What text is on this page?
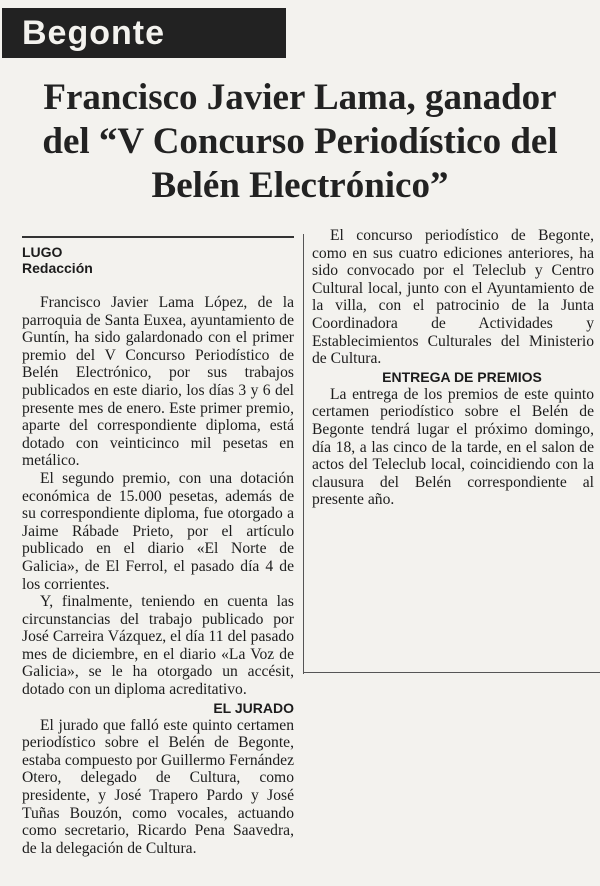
Begonte
Francisco Javier Lama, ganador
del “V Concurso Periodístico del
Belén Electrónico”
LUGO
Redacción

Francisco Javier Lama López, de la parroquia de Santa Euxea, ayuntamiento de Guntín, ha sido galardonado con el primer premio del V Concurso Periodístico de Belén Electrónico, por sus trabajos publicados en este diario, los días 3 y 6 del presente mes de enero. Este primer premio, aparte del correspondiente diploma, está dotado con veinticinco mil pesetas en metálico.

El segundo premio, con una dotación económica de 15.000 pesetas, además de su correspondiente diploma, fue otorgado a Jaime Rábade Prieto, por el artículo publicado en el diario «El Norte de Galicia», de El Ferrol, el pasado día 4 de los corrientes.

Y, finalmente, teniendo en cuenta las circunstancias del trabajo publicado por José Carreira Vázquez, el día 11 del pasado mes de diciembre, en el diario «La Voz de Galicia», se le ha otorgado un accésit, dotado con un diploma acreditativo.

EL JURADO

El jurado que falló este quinto certamen periodístico sobre el Belén de Begonte, estaba compuesto por Guillermo Fernández Otero, delegado de Cultura, como presidente, y José Trapero Pardo y José Tuñas Bouzón, como vocales, actuando como secretario, Ricardo Pena Saavedra, de la delegación de Cultura.

El concurso periodístico de Begonte, como en sus cuatro ediciones anteriores, ha sido convocado por el Teleclub y Centro Cultural local, junto con el Ayuntamiento de la villa, con el patrocinio de la Junta Coordinadora de Actividades y Establecimientos Culturales del Ministerio de Cultura.

ENTREGA DE PREMIOS

La entrega de los premios de este quinto certamen periodístico sobre el Belén de Begonte tendrá lugar el próximo domingo, día 18, a las cinco de la tarde, en el salon de actos del Teleclub local, coincidiendo con la clausura del Belén correspondiente al presente año.
